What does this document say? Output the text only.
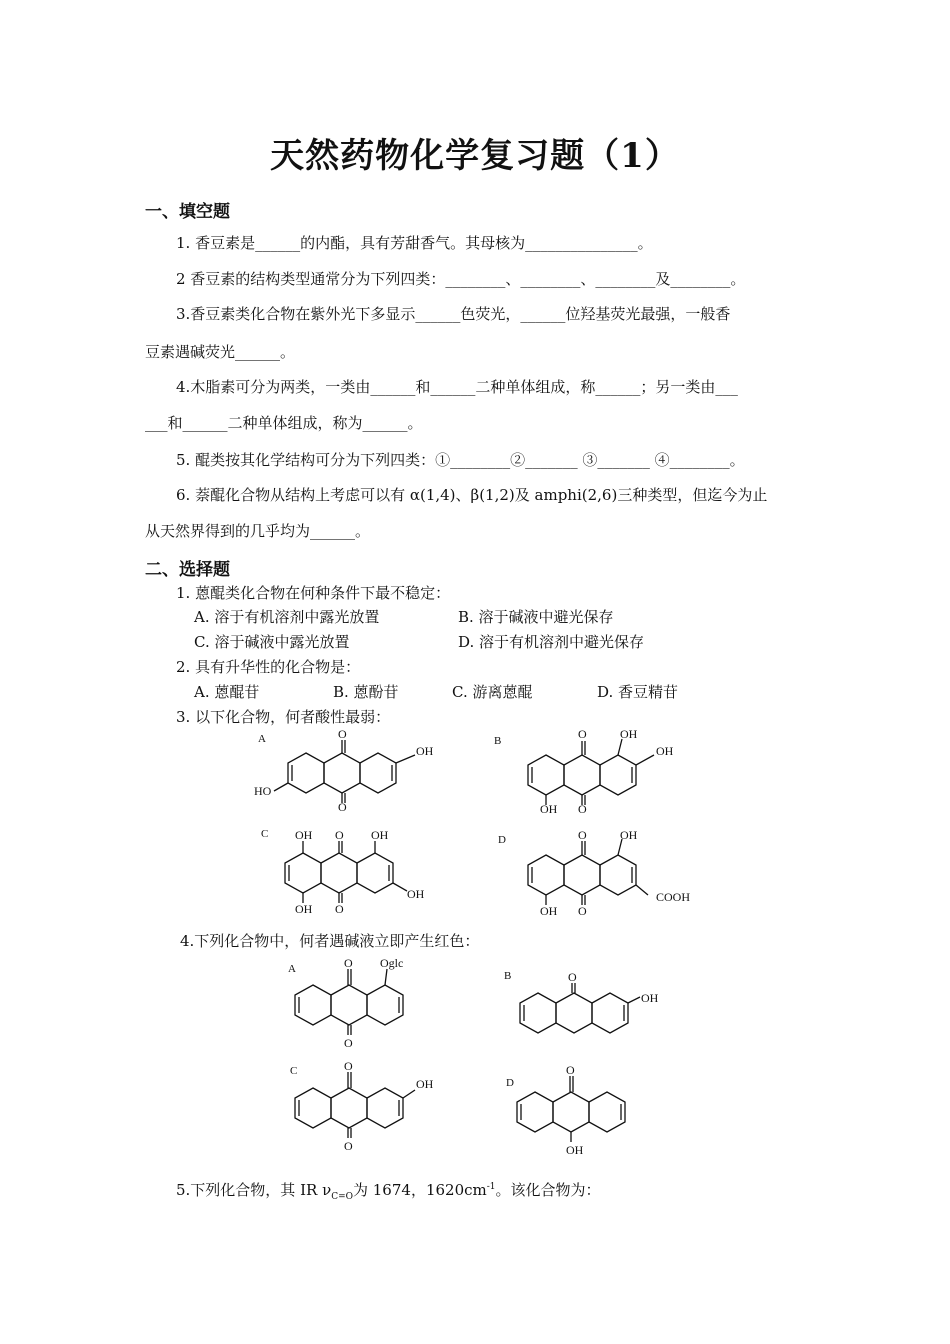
天然药物化学复习题（1）
一、填空题
1. 香豆素是______的内酯，具有芳甜香气。其母核为_______________。
2 香豆素的结构类型通常分为下列四类：________、________、________及________。
3.香豆素类化合物在紫外光下多显示______色荧光，______位羟基荧光最强，一般香
豆素遇碱荧光______。
4.木脂素可分为两类，一类由______和______二种单体组成，称______；另一类由___
___和______二种单体组成，称为______。
5. 醌类按其化学结构可分为下列四类：①________②_______ ③_______ ④________。
6. 萘醌化合物从结构上考虑可以有 α(1,4)、β(1,2)及 amphi(2,6)三种类型，但迄今为止
从天然界得到的几乎均为______。
二、选择题
1. 蒽醌类化合物在何种条件下最不稳定：
A. 溶于有机溶剂中露光放置	B. 溶于碱液中避光保存
C. 溶于碱液中露光放置	D. 溶于有机溶剂中避光保存
2. 具有升华性的化合物是：
A. 蒽醌苷	B. 蒽酚苷	C. 游离蒽醌	D. 香豆精苷
3. 以下化合物，何者酸性最弱：
A	O
O
OH
HO
B	O
O
OH
OH
OH
C	O
O
OH	OH
OH
OH
D	O
O
OH
OH
COOH
4.下列化合物中，何者遇碱液立即产生红色：
A	O
O
Oglc
B	O
OH
C	O
O
OH	D
O
OH
5.下列化合物，其 IR $\nu_{C=O}$为 1674，$1620cm^{-1}$。该化合物为：
